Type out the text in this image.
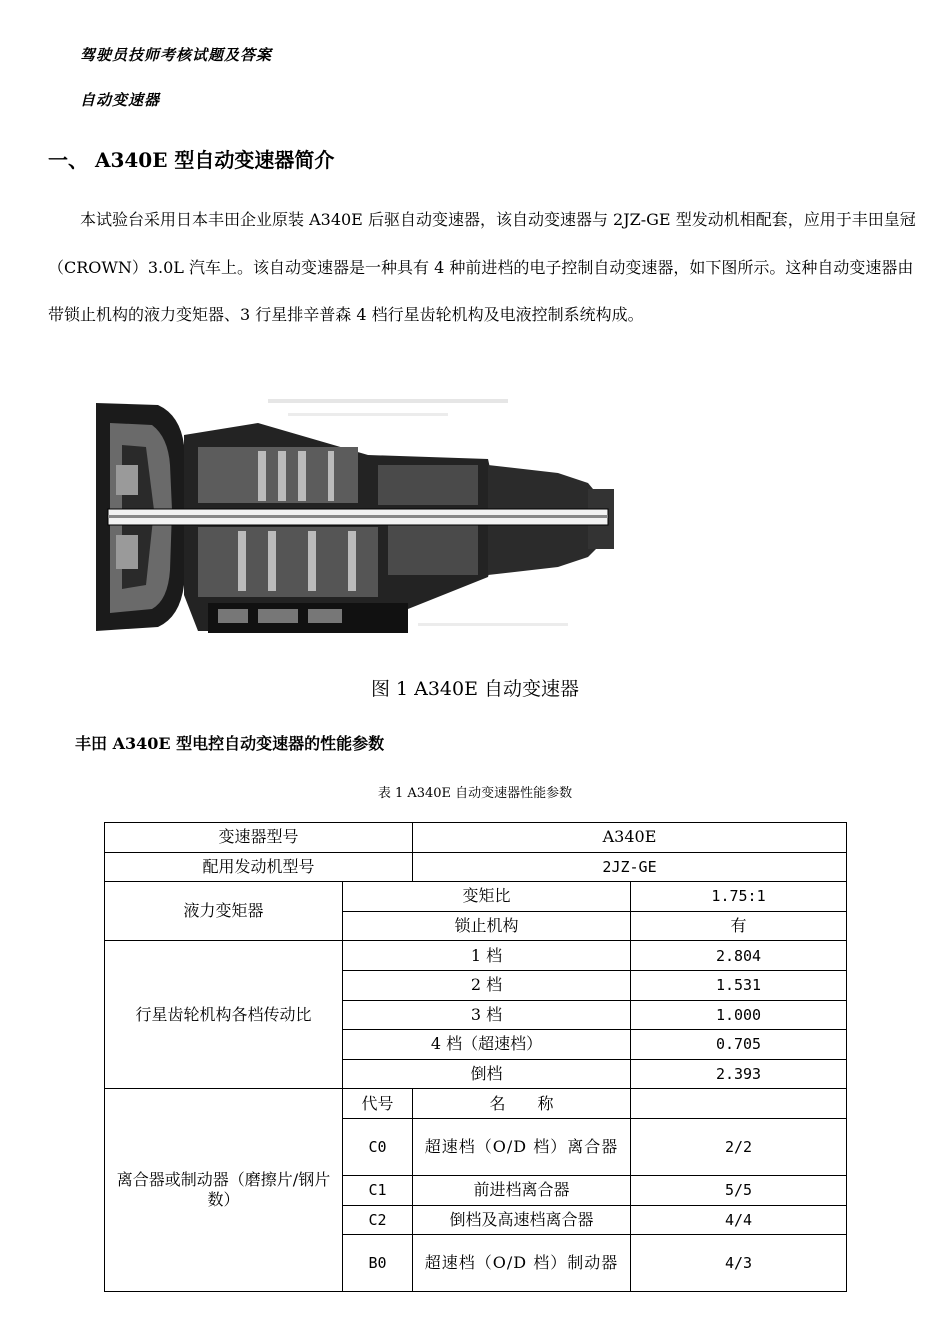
驾驶员技师考核试题及答案
自动变速器
一、 A340E 型自动变速器简介

本试验台采用日本丰田企业原装 A340E 后驱自动变速器，该自动变速器与 2JZ-GE 型发动机相配套，应用于丰田皇冠（CROWN）3.0L 汽车上。该自动变速器是一种具有 4 种前进档的电子控制自动变速器，如下图所示。这种自动变速器由带锁止机构的液力变矩器、3 行星排辛普森 4 档行星齿轮机构及电液控制系统构成。

图 1 A340E 自动变速器
丰田 A340E 型电控自动变速器的性能参数
表 1 A340E 自动变速器性能参数
变速器型号		A340E	
配用发动机型号		2JZ-GE	
液力变矩器	变矩比		1.75:1
	锁止机构		有
行星齿轮机构各档传动比	1 档		2.804
	2 档		1.531
	3 档		1.000
	4 档（超速档）		0.705
	倒档		2.393
离合器或制动器（磨擦片/钢片数）	代号	名　　称	
	C0	超速档（O/D 档）离合器	2/2
	C1	前进档离合器	5/5
	C2	倒档及高速档离合器	4/4
	B0	超速档（O/D 档）制动器	4/3
